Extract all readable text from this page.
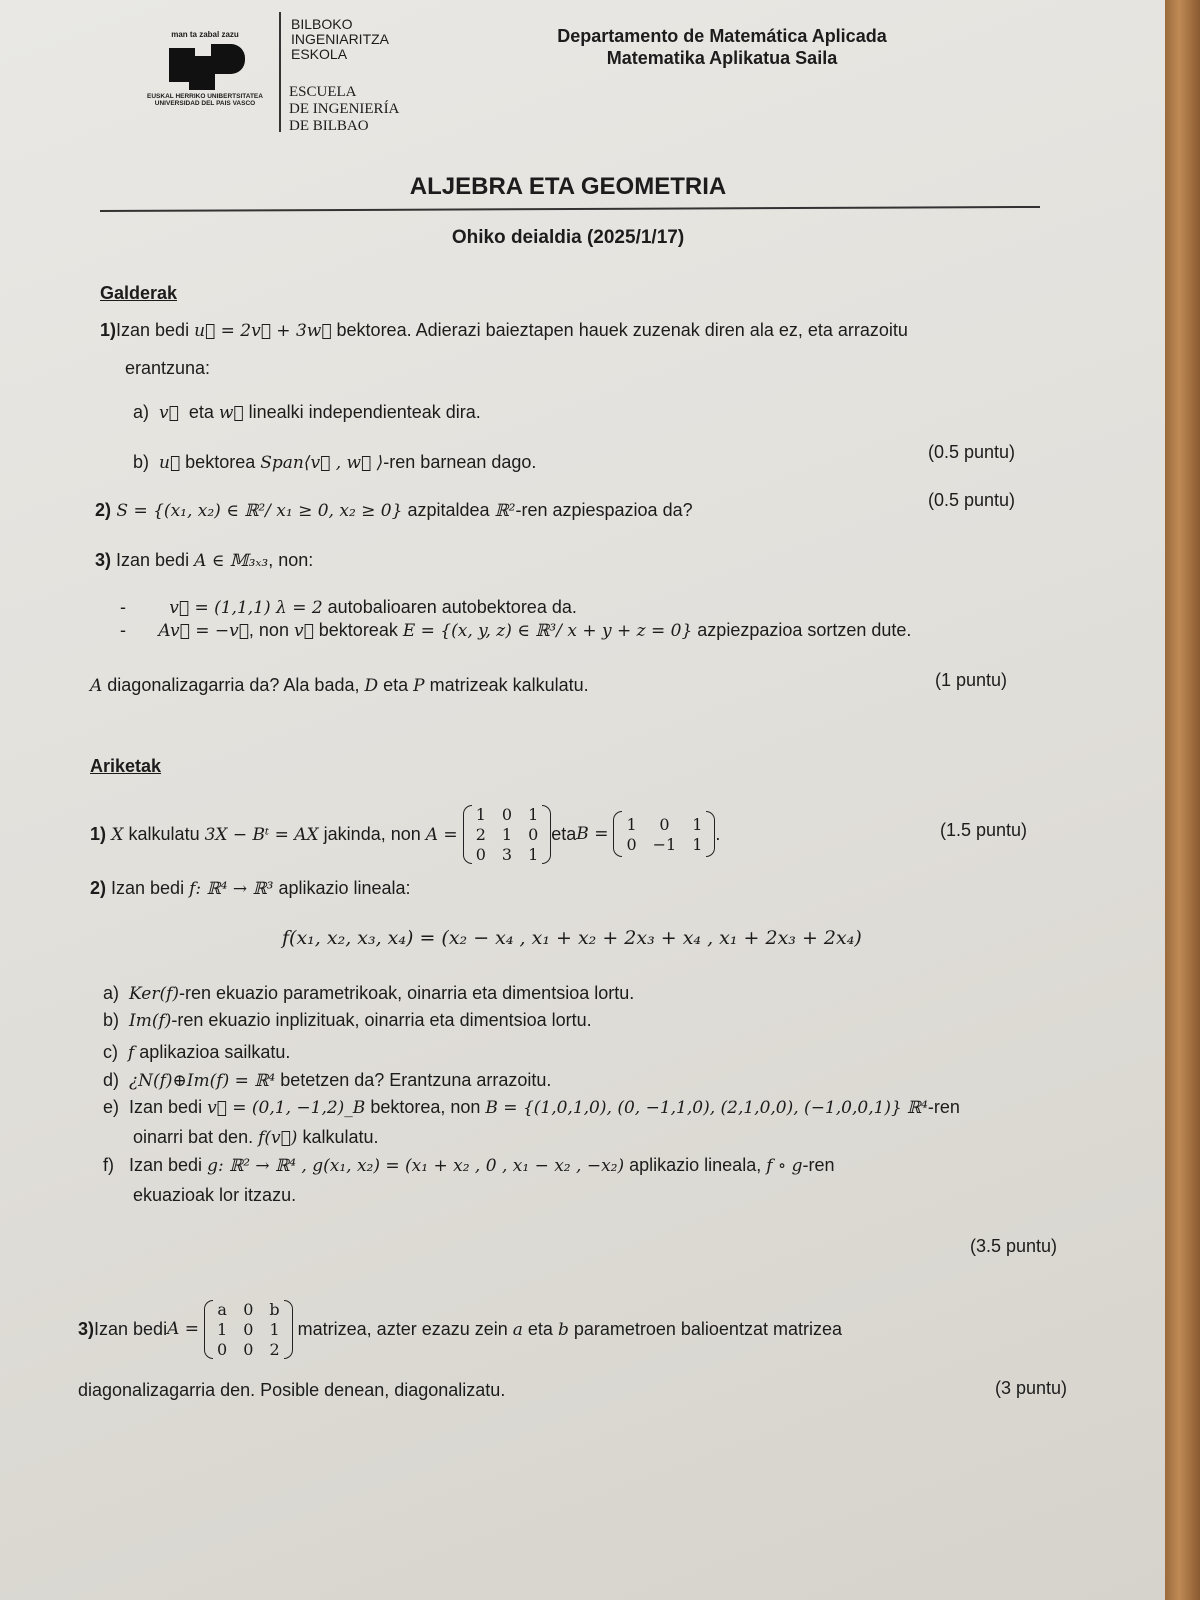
man ta zabal zazu
EUSKAL HERRIKO UNIBERTSITATEA
UNIVERSIDAD DEL PAIS VASCO
BILBOKO
INGENIARITZA
ESKOLA
ESCUELA
DE INGENIERÍA
DE BILBAO
Departamento de Matemática Aplicada
Matematika Aplikatua Saila
ALJEBRA ETA GEOMETRIA
Ohiko deialdia (2025/1/17)
Galderak
1)Izan bedi u⃗ = 2v⃗ + 3w⃗ bektorea. Adierazi baieztapen hauek zuzenak diren ala ez, eta arrazoitu
erantzuna:
a)  v⃗  eta w⃗ linealki independienteak dira.
b)  u⃗ bektorea Span⟨v⃗ , w⃗ ⟩-ren barnean dago.	(0.5 puntu)
2) S = {(x₁, x₂) ∈ ℝ²/ x₁ ≥ 0, x₂ ≥ 0} azpitaldea ℝ²-ren azpiespazioa da?	(0.5 puntu)
3) Izan bedi A ∈ 𝕄₃ₓ₃, non:
-        v⃗ = (1,1,1) λ = 2 autobalioaren autobektorea da.
-      Av⃗ = −v⃗, non v⃗ bektoreak E = {(x, y, z) ∈ ℝ³/ x + y + z = 0} azpiezpazioa sortzen dute.
A diagonalizagarria da? Ala bada, D eta P matrizeak kalkulatu.	(1 puntu)
Ariketak
1) X kalkulatu 3X − Bᵗ = AX jakinda, non A =

1 0 1
2 1 0
0 3 1
eta B =
1	0	1
0 −1 1
.	(1.5 puntu)
2) Izan bedi f: ℝ⁴ → ℝ³ aplikazio lineala:
f(x₁, x₂, x₃, x₄) = (x₂ − x₄ , x₁ + x₂ + 2x₃ + x₄ , x₁ + 2x₃ + 2x₄)
a)  Ker(f)-ren ekuazio parametrikoak, oinarria eta dimentsioa lortu.
b)  Im(f)-ren ekuazio inplizituak, oinarria eta dimentsioa lortu.
c)  f aplikazioa sailkatu.
d)  ¿N(f)⊕Im(f) = ℝ⁴ betetzen da? Erantzuna arrazoitu.
e)  Izan bedi v⃗ = (0,1, −1,2)_B bektorea, non B = {(1,0,1,0), (0, −1,1,0), (2,1,0,0), (−1,0,0,1)} ℝ⁴-ren
oinarri bat den. f(v⃗) kalkulatu.
f)   Izan bedi g: ℝ² → ℝ⁴ , g(x₁, x₂) = (x₁ + x₂ , 0 , x₁ − x₂ , −x₂) aplikazio lineala, f ∘ g-ren
ekuazioak lor itzazu.
(3.5 puntu)
3) Izan bedi A =

a 0 b
1 0 1
0 0 2
matrizea, azter ezazu zein a eta b parametroen balioentzat matrizea
diagonalizagarria den. Posible denean, diagonalizatu.	(3 puntu)
